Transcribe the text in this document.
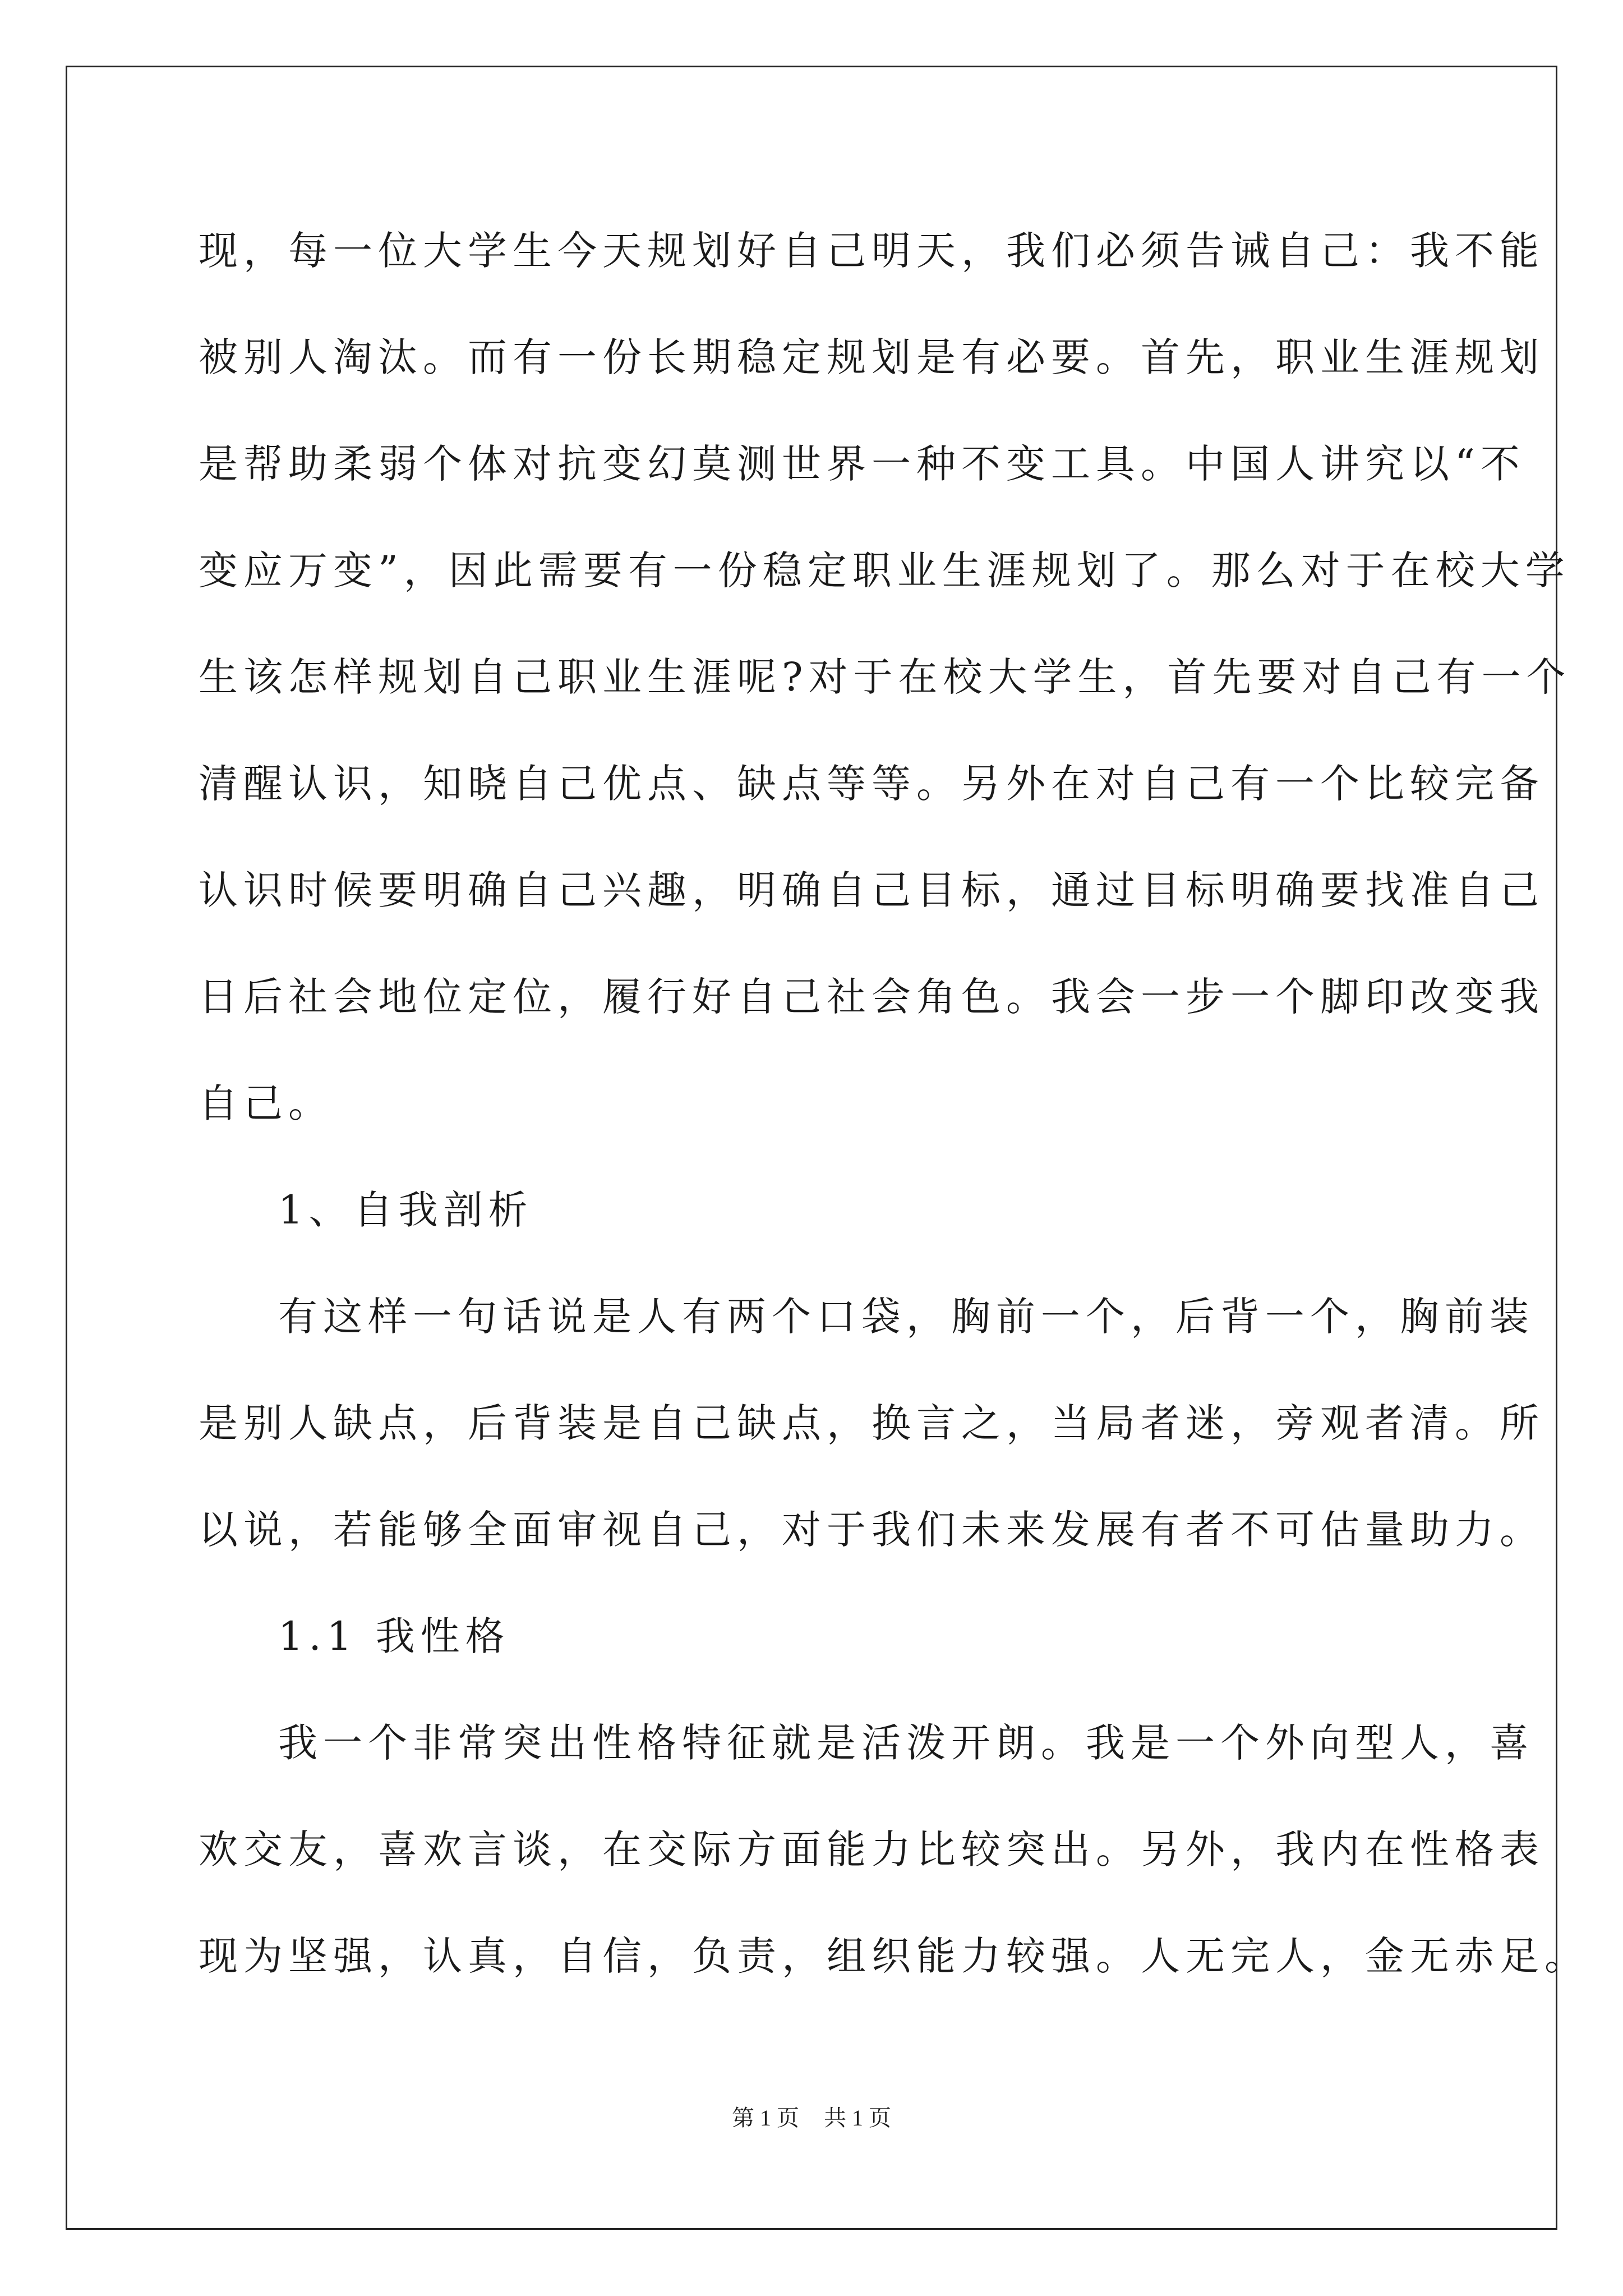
现，每一位大学生今天规划好自己明天，我们必须告诫自己：我不能
被别人淘汰。而有一份长期稳定规划是有必要。首先，职业生涯规划
是帮助柔弱个体对抗变幻莫测世界一种不变工具。中国人讲究以“不
变应万变”，因此需要有一份稳定职业生涯规划了。那么对于在校大学
生该怎样规划自己职业生涯呢?对于在校大学生，首先要对自己有一个
清醒认识，知晓自己优点、缺点等等。另外在对自己有一个比较完备
认识时候要明确自己兴趣，明确自己目标，通过目标明确要找准自己
日后社会地位定位，履行好自己社会角色。我会一步一个脚印改变我
自己。
1、自我剖析
有这样一句话说是人有两个口袋，胸前一个，后背一个，胸前装
是别人缺点，后背装是自己缺点，换言之，当局者迷，旁观者清。所
以说，若能够全面审视自己，对于我们未来发展有者不可估量助力。
1.1 我性格
我一个非常突出性格特征就是活泼开朗。我是一个外向型人，喜
欢交友，喜欢言谈，在交际方面能力比较突出。另外，我内在性格表
现为坚强，认真，自信，负责，组织能力较强。人无完人，金无赤足。
第 1 页 共 1 页
